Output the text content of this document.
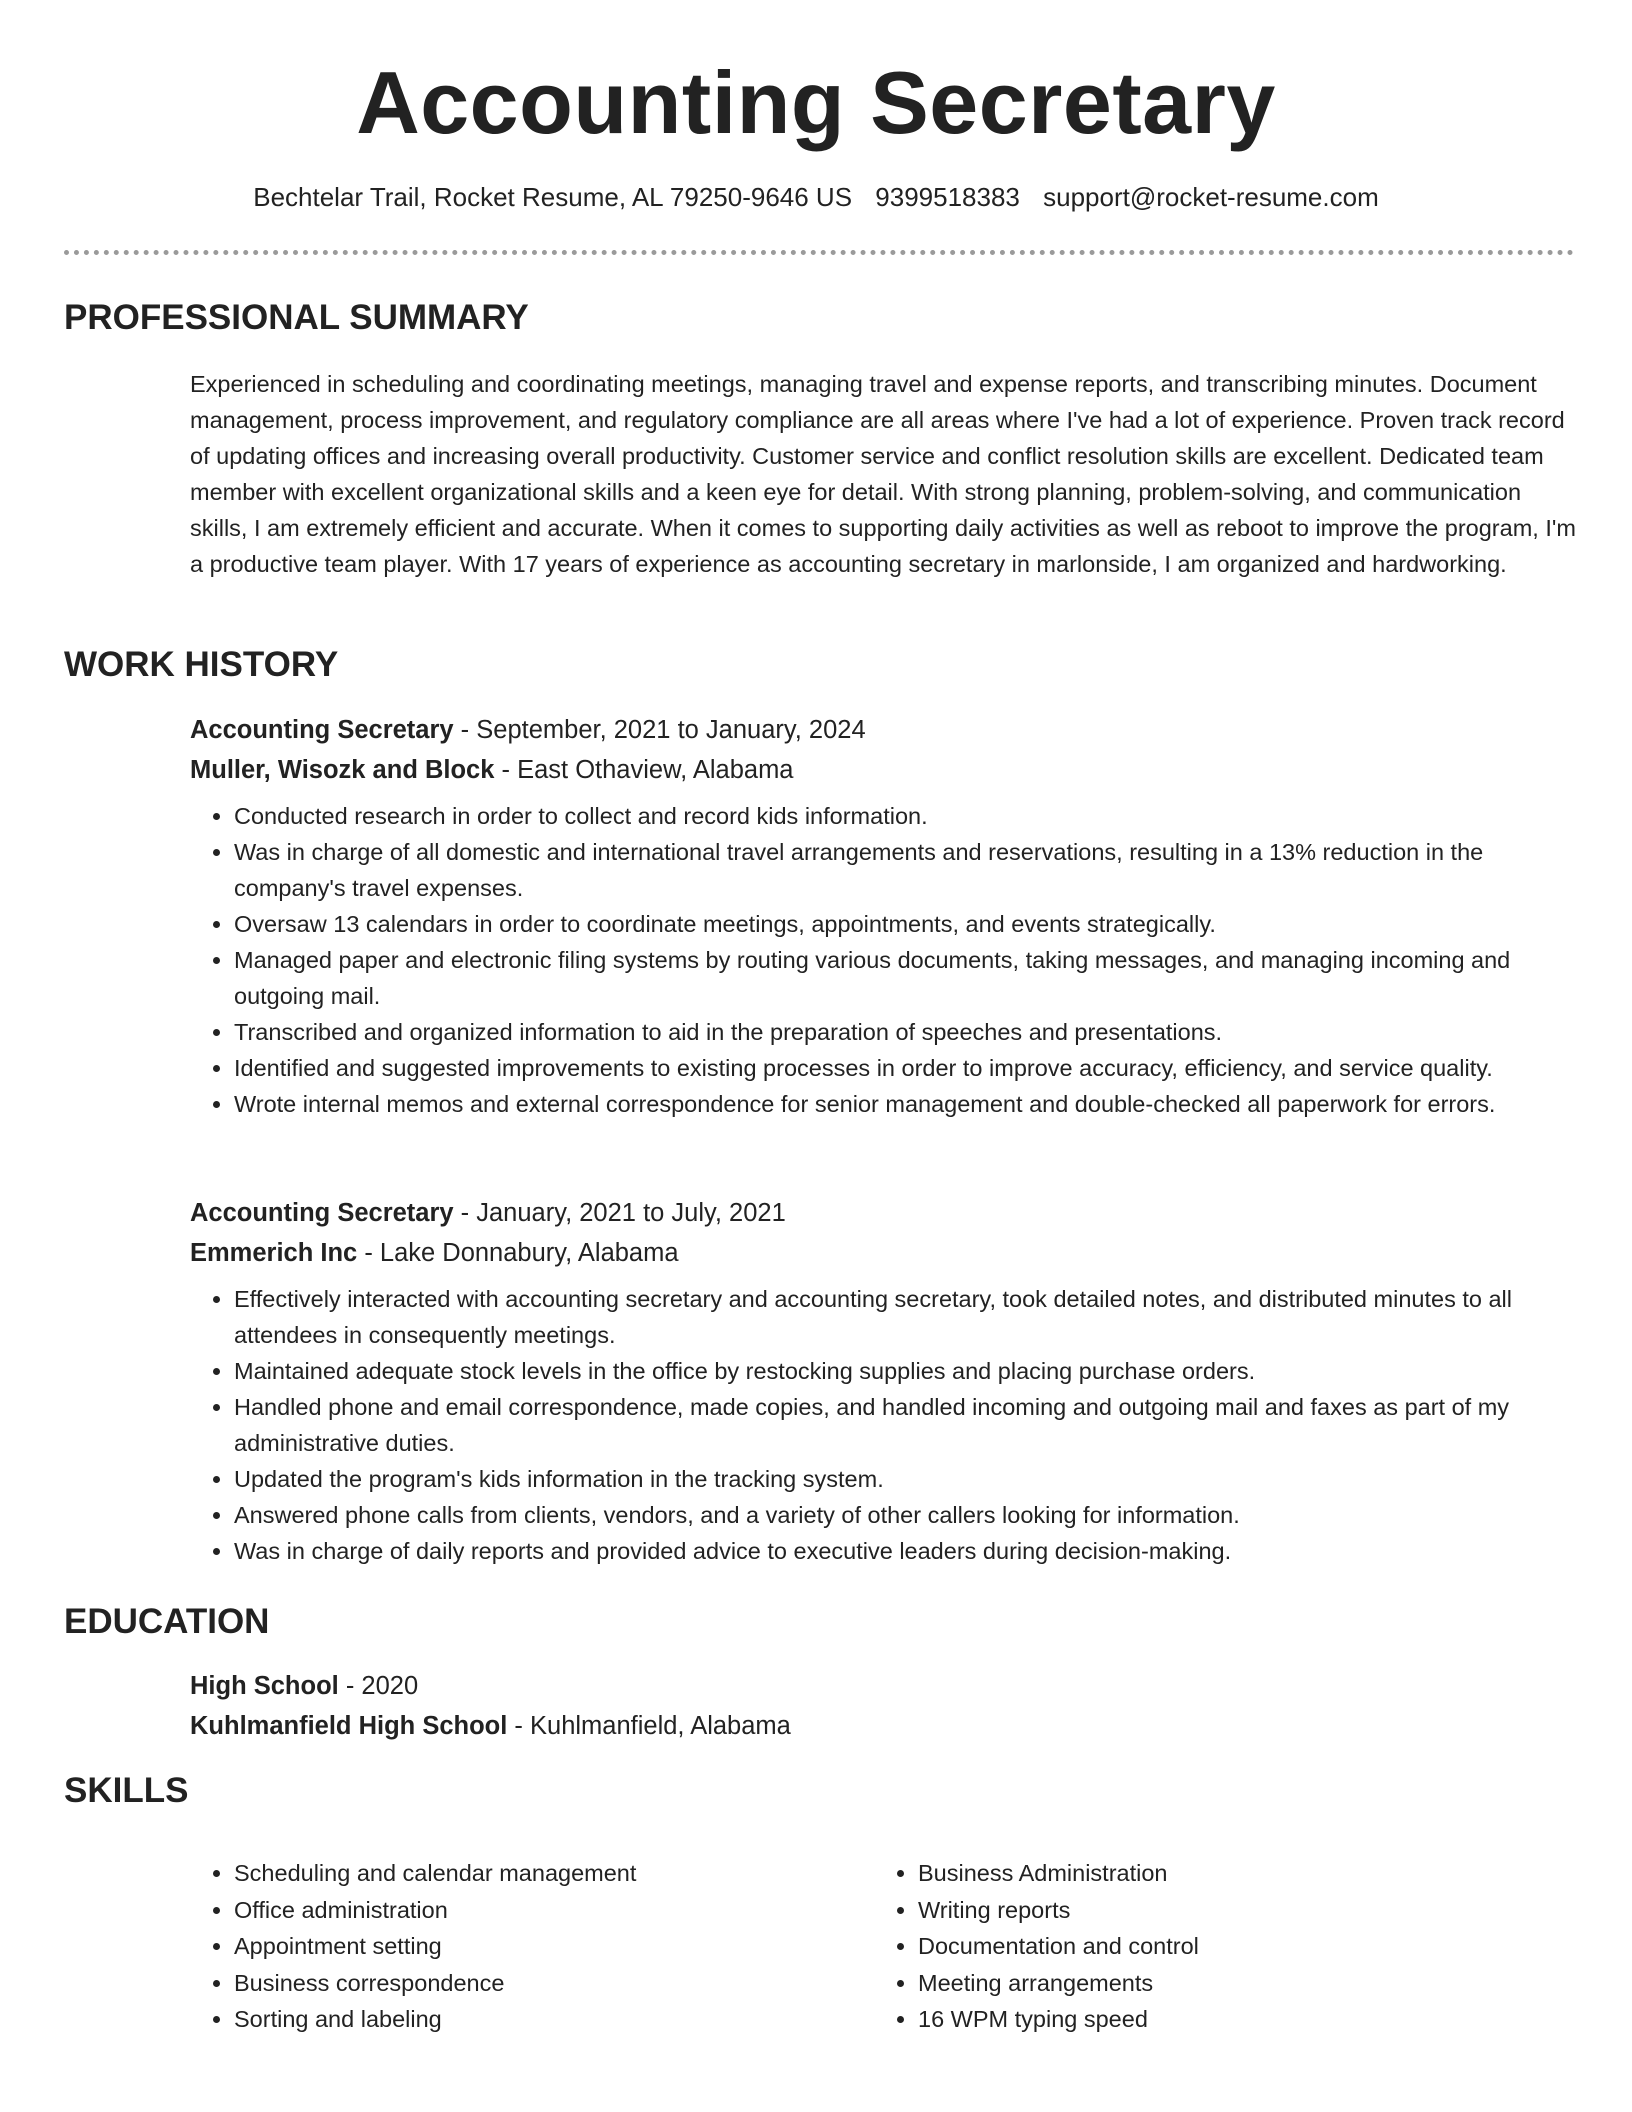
Accounting Secretary
Bechtelar Trail, Rocket Resume, AL 79250-9646 US 9399518383 support@rocket-resume.com
PROFESSIONAL SUMMARY

Experienced in scheduling and coordinating meetings, managing travel and expense reports, and transcribing minutes. Document management, process improvement, and regulatory compliance are all areas where I've had a lot of experience. Proven track record of updating offices and increasing overall productivity. Customer service and conflict resolution skills are excellent. Dedicated team member with excellent organizational skills and a keen eye for detail. With strong planning, problem-solving, and communication skills, I am extremely efficient and accurate. When it comes to supporting daily activities as well as reboot to improve the program, I'm a productive team player. With 17 years of experience as accounting secretary in marlonside, I am organized and hardworking.

WORK HISTORY

Accounting Secretary - September, 2021 to January, 2024

Muller, Wisozk and Block - East Othaview, Alabama

• Conducted research in order to collect and record kids information.
• Was in charge of all domestic and international travel arrangements and reservations, resulting in a 13% reduction in the company's travel expenses.
• Oversaw 13 calendars in order to coordinate meetings, appointments, and events strategically.
• Managed paper and electronic filing systems by routing various documents, taking messages, and managing incoming and outgoing mail.
• Transcribed and organized information to aid in the preparation of speeches and presentations.
• Identified and suggested improvements to existing processes in order to improve accuracy, efficiency, and service quality.
• Wrote internal memos and external correspondence for senior management and double-checked all paperwork for errors.

Accounting Secretary - January, 2021 to July, 2021

Emmerich Inc - Lake Donnabury, Alabama

• Effectively interacted with accounting secretary and accounting secretary, took detailed notes, and distributed minutes to all attendees in consequently meetings.
• Maintained adequate stock levels in the office by restocking supplies and placing purchase orders.
• Handled phone and email correspondence, made copies, and handled incoming and outgoing mail and faxes as part of my administrative duties.
• Updated the program's kids information in the tracking system.
• Answered phone calls from clients, vendors, and a variety of other callers looking for information.
• Was in charge of daily reports and provided advice to executive leaders during decision-making.
EDUCATION

High School - 2020

Kuhlmanfield High School - Kuhlmanfield, Alabama

SKILLS
• Scheduling and calendar management
• Office administration
• Appointment setting
• Business correspondence
• Sorting and labeling
• Business Administration
• Writing reports
• Documentation and control
• Meeting arrangements
• 16 WPM typing speed
